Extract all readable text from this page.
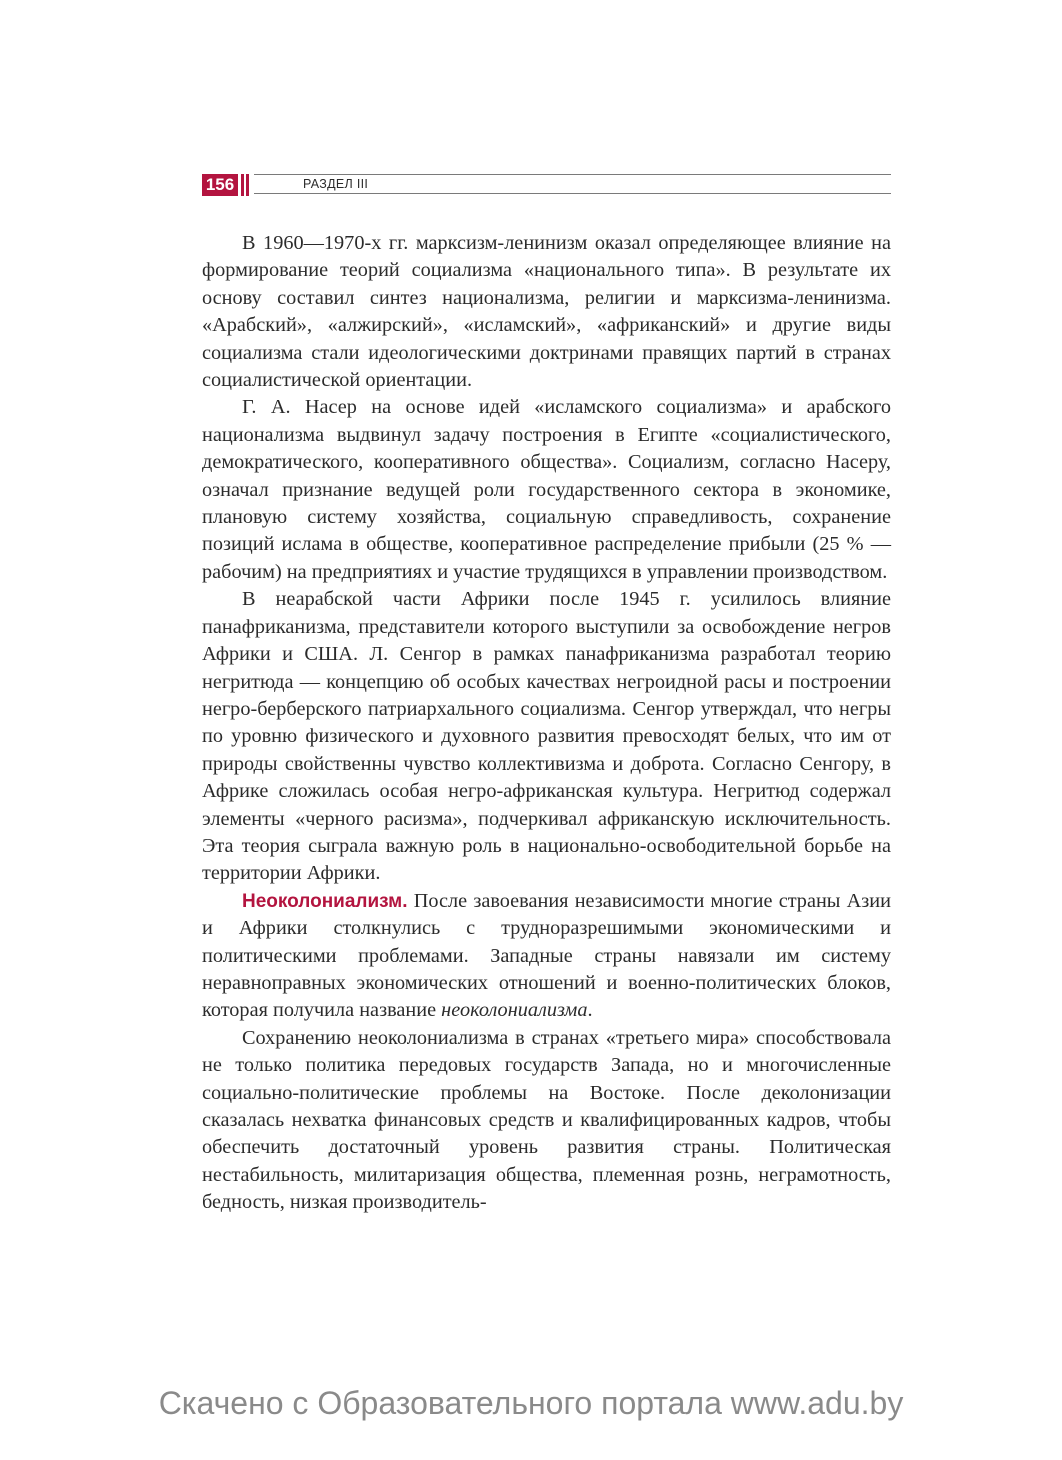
156	РАЗДЕЛ III

В 1960—1970-х гг. марксизм-ленинизм оказал определяющее влияние на формирование теорий социализма «национального типа». В результате их основу составил синтез национализма, религии и марксизма-ленинизма. «Арабский», «алжирский», «исламский», «африканский» и другие виды социализма стали идеологическими доктринами правящих партий в странах социалистической ориентации.

Г. А. Насер на основе идей «исламского социализма» и арабского национализма выдвинул задачу построения в Египте «социалистического, демократического, кооперативного общества». Социализм, согласно Насеру, означал признание ведущей роли государственного сектора в экономике, плановую систему хозяйства, социальную справедливость, сохранение позиций ислама в обществе, кооперативное распределение прибыли (25 % — рабочим) на предприятиях и участие трудящихся в управлении производством.

В неарабской части Африки после 1945 г. усилилось влияние панафриканизма, представители которого выступили за освобождение негров Африки и США. Л. Сенгор в рамках панафриканизма разработал теорию негритюда — концепцию об особых качествах негроидной расы и построении негро-берберского патриархального социализма. Сенгор утверждал, что негры по уровню физического и духовного развития превосходят белых, что им от природы свойственны чувство коллективизма и доброта. Согласно Сенгору, в Африке сложилась особая негро-африканская культура. Негритюд содержал элементы «черного расизма», подчеркивал африканскую исключительность. Эта теория сыграла важную роль в национально-освободительной борьбе на территории Африки.

Неоколониализм. После завоевания независимости многие страны Азии и Африки столкнулись с трудноразрешимыми экономическими и политическими проблемами. Западные страны навязали им систему неравноправных экономических отношений и военно-политических блоков, которая получила название неоколониализма.

Сохранению неоколониализма в странах «третьего мира» способствовала не только политика передовых государств Запада, но и многочисленные социально-политические проблемы на Востоке. После деколонизации сказалась нехватка финансовых средств и квалифицированных кадров, чтобы обеспечить достаточный уровень развития страны. Политическая нестабильность, милитаризация общества, племенная рознь, неграмотность, бедность, низкая производитель-

Скачено с Образовательного портала www.adu.by
